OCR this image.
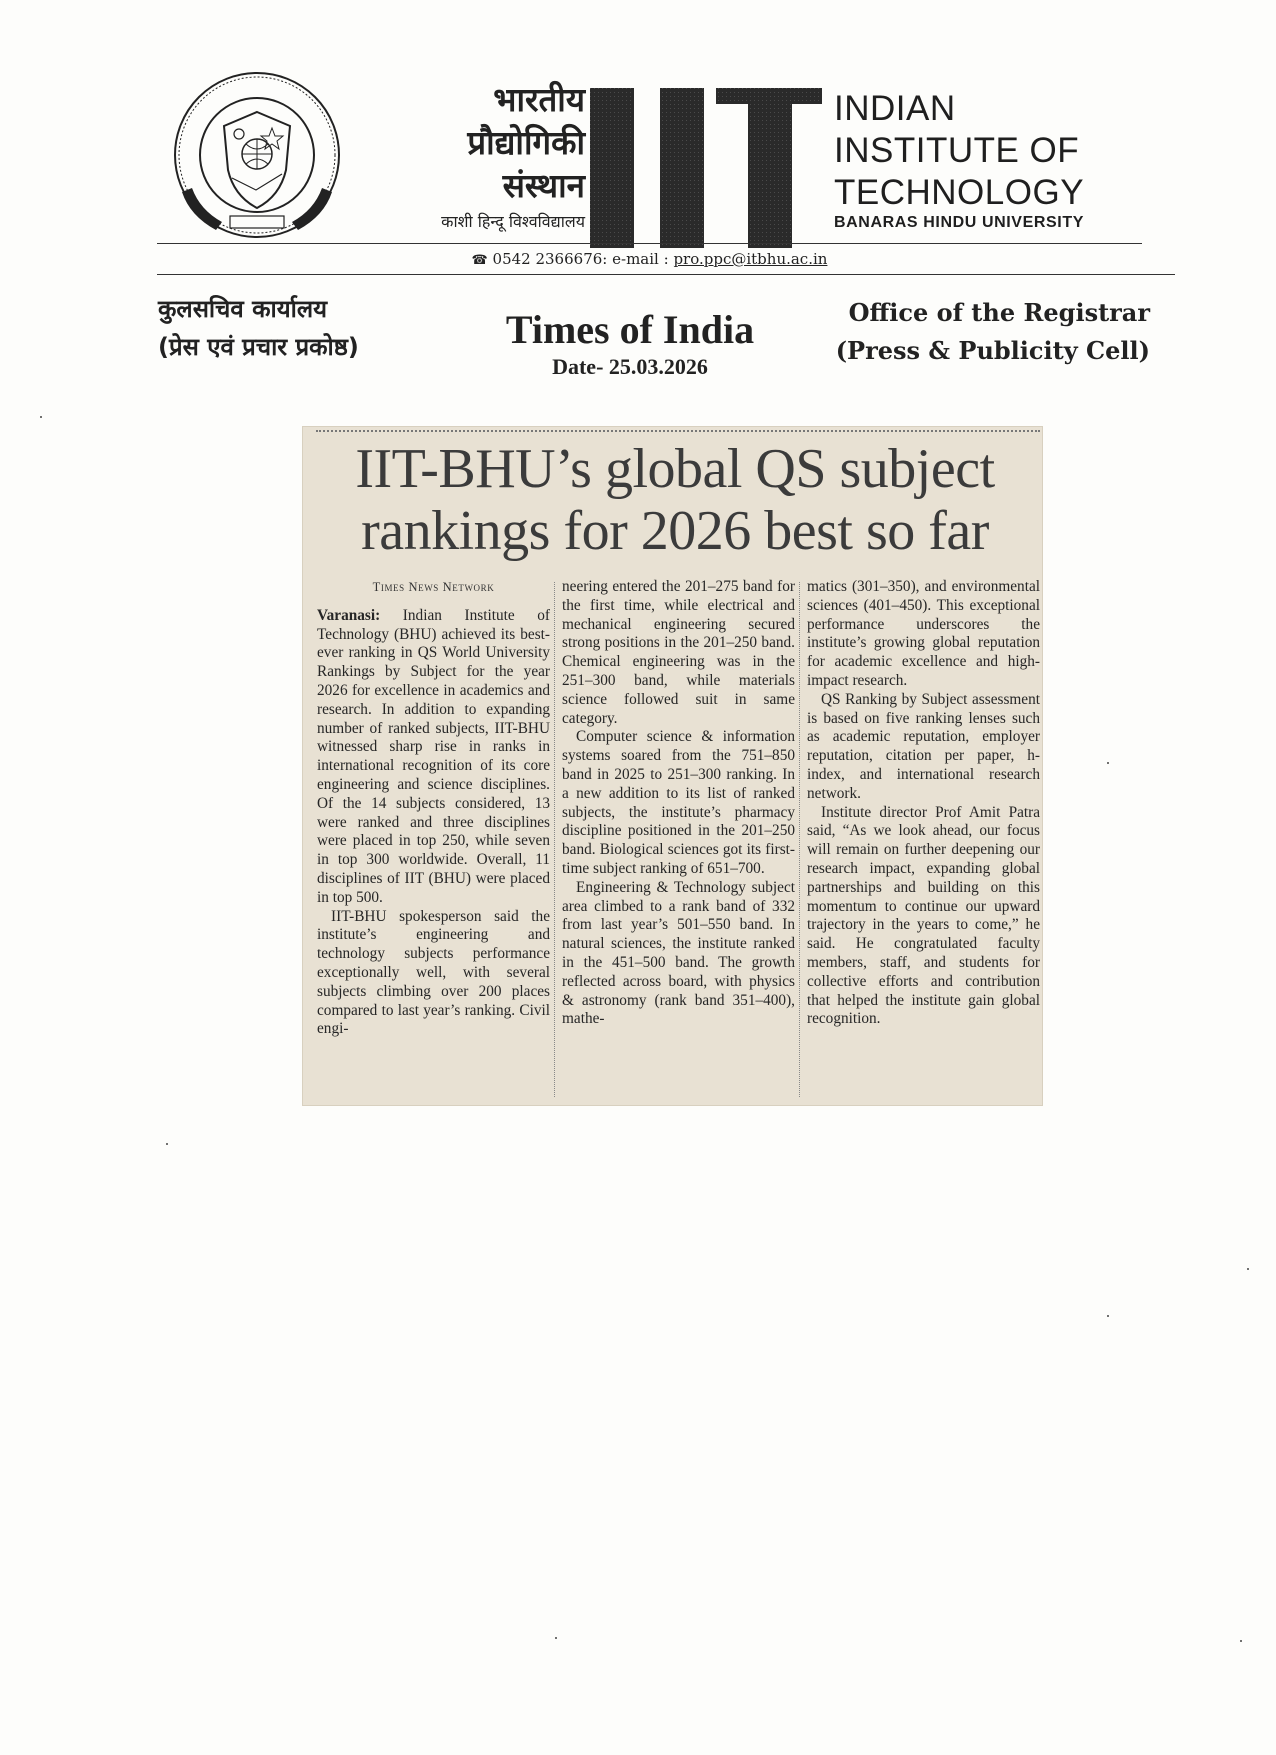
भारतीय
प्रौद्योगिकी
संस्थान
काशी हिन्दू विश्वविद्यालय
INDIAN
INSTITUTE OF
TECHNOLOGY
BANARAS HINDU UNIVERSITY
☎ 0542 2366676: e-mail : pro.ppc@itbhu.ac.in
कुलसचिव कार्यालय
(प्रेस एवं प्रचार प्रकोष्ठ)	Times of India
Date- 25.03.2026
Office of the Registrar
(Press & Publicity Cell)
IIT-BHU’s global QS subject
rankings for 2026 best so far
Times News Network

Varanasi: Indian Institute of Technology (BHU) achieved its best-ever ranking in QS World University Rankings by Subject for the year 2026 for excellence in academics and research. In addition to expanding number of ranked subjects, IIT-BHU witnessed sharp rise in ranks in international recognition of its core engineering and science disciplines. Of the 14 subjects considered, 13 were ranked and three disciplines were placed in top 250, while seven in top 300 worldwide. Overall, 11 disciplines of IIT (BHU) were placed in top 500.

IIT-BHU spokesperson said the institute’s engineering and technology subjects performance exceptionally well, with several subjects climbing over 200 places compared to last year’s ranking. Civil engi-

neering entered the 201–275 band for the first time, while electrical and mechanical engineering secured strong positions in the 201–250 band. Chemical engineering was in the 251–300 band, while materials science followed suit in same category.

Computer science & information systems soared from the 751–850 band in 2025 to 251–300 ranking. In a new addition to its list of ranked subjects, the institute’s pharmacy discipline positioned in the 201–250 band. Biological sciences got its first-time subject ranking of 651–700.

Engineering & Technology subject area climbed to a rank band of 332 from last year’s 501–550 band. In natural sciences, the institute ranked in the 451–500 band. The growth reflected across board, with physics & astronomy (rank band 351–400), mathe-

matics (301–350), and environmental sciences (401–450). This exceptional performance underscores the institute’s growing global reputation for academic excellence and high-impact research.

QS Ranking by Subject assessment is based on five ranking lenses such as academic reputation, employer reputation, citation per paper, h-index, and international research network.

Institute director Prof Amit Patra said, “As we look ahead, our focus will remain on further deepening our research impact, expanding global partnerships and building on this momentum to continue our upward trajectory in the years to come,” he said. He congratulated faculty members, staff, and students for collective efforts and contribution that helped the institute gain global recognition.
